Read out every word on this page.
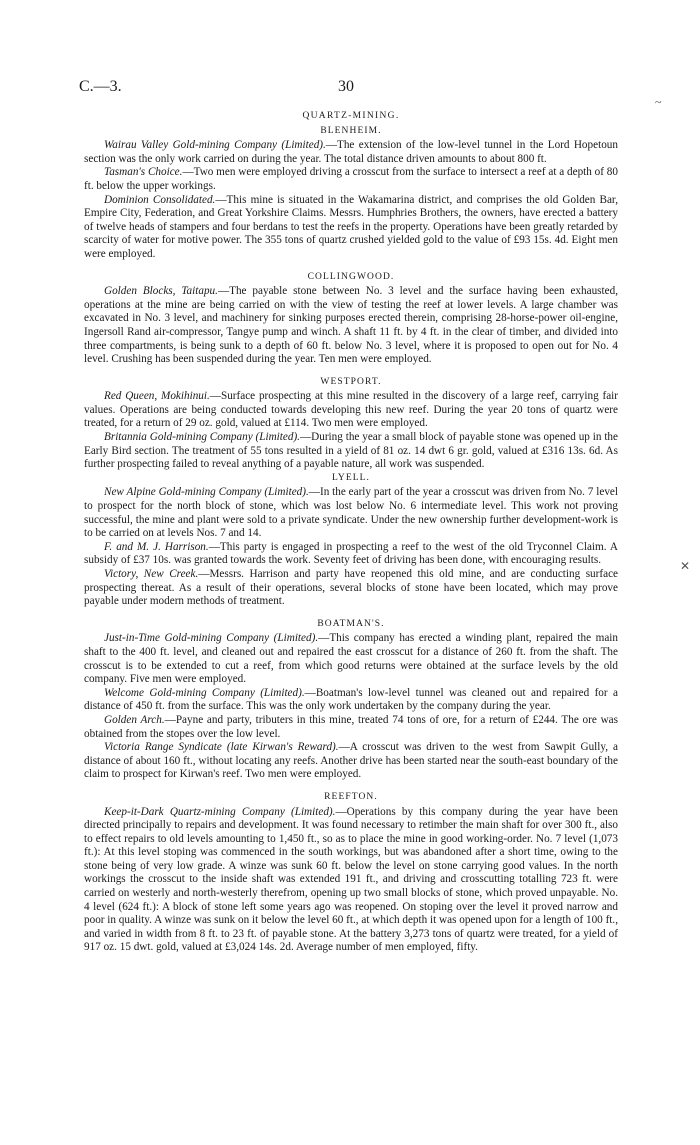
C.—3.	30
~
✕
QUARTZ-MINING.
BLENHEIM.

Wairau Valley Gold-mining Company (Limited).—The extension of the low-level tunnel in the Lord Hopetoun section was the only work carried on during the year. The total distance driven amounts to about 800 ft.

Tasman's Choice.—Two men were employed driving a crosscut from the surface to intersect a reef at a depth of 80 ft. below the upper workings.

Dominion Consolidated.—This mine is situated in the Wakamarina district, and comprises the old Golden Bar, Empire City, Federation, and Great Yorkshire Claims. Messrs. Humphries Brothers, the owners, have erected a battery of twelve heads of stampers and four berdans to test the reefs in the property. Operations have been greatly retarded by scarcity of water for motive power. The 355 tons of quartz crushed yielded gold to the value of £93 15s. 4d. Eight men were employed.

COLLINGWOOD.

Golden Blocks, Taitapu.—The payable stone between No. 3 level and the surface having been exhausted, operations at the mine are being carried on with the view of testing the reef at lower levels. A large chamber was excavated in No. 3 level, and machinery for sinking purposes erected therein, comprising 28-horse-power oil-engine, Ingersoll Rand air-compressor, Tangye pump and winch. A shaft 11 ft. by 4 ft. in the clear of timber, and divided into three compartments, is being sunk to a depth of 60 ft. below No. 3 level, where it is proposed to open out for No. 4 level. Crushing has been suspended during the year. Ten men were employed.

WESTPORT.

Red Queen, Mokihinui.—Surface prospecting at this mine resulted in the discovery of a large reef, carrying fair values. Operations are being conducted towards developing this new reef. During the year 20 tons of quartz were treated, for a return of 29 oz. gold, valued at £114. Two men were employed.

Britannia Gold-mining Company (Limited).—During the year a small block of payable stone was opened up in the Early Bird section. The treatment of 55 tons resulted in a yield of 81 oz. 14 dwt 6 gr. gold, valued at £316 13s. 6d. As further prospecting failed to reveal anything of a payable nature, all work was suspended.

LYELL.

New Alpine Gold-mining Company (Limited).—In the early part of the year a crosscut was driven from No. 7 level to prospect for the north block of stone, which was lost below No. 6 intermediate level. This work not proving successful, the mine and plant were sold to a private syndicate. Under the new ownership further development-work is to be carried on at levels Nos. 7 and 14.

F. and M. J. Harrison.—This party is engaged in prospecting a reef to the west of the old Tryconnel Claim. A subsidy of £37 10s. was granted towards the work. Seventy feet of driving has been done, with encouraging results.

Victory, New Creek.—Messrs. Harrison and party have reopened this old mine, and are conducting surface prospecting thereat. As a result of their operations, several blocks of stone have been located, which may prove payable under modern methods of treatment.

BOATMAN'S.

Just-in-Time Gold-mining Company (Limited).—This company has erected a winding plant, repaired the main shaft to the 400 ft. level, and cleaned out and repaired the east crosscut for a distance of 260 ft. from the shaft. The crosscut is to be extended to cut a reef, from which good returns were obtained at the surface levels by the old company. Five men were employed.

Welcome Gold-mining Company (Limited).—Boatman's low-level tunnel was cleaned out and repaired for a distance of 450 ft. from the surface. This was the only work undertaken by the company during the year.

Golden Arch.—Payne and party, tributers in this mine, treated 74 tons of ore, for a return of £244. The ore was obtained from the stopes over the low level.

Victoria Range Syndicate (late Kirwan's Reward).—A crosscut was driven to the west from Sawpit Gully, a distance of about 160 ft., without locating any reefs. Another drive has been started near the south-east boundary of the claim to prospect for Kirwan's reef. Two men were employed.

REEFTON.

Keep-it-Dark Quartz-mining Company (Limited).—Operations by this company during the year have been directed principally to repairs and development. It was found necessary to retimber the main shaft for over 300 ft., also to effect repairs to old levels amounting to 1,450 ft., so as to place the mine in good working-order. No. 7 level (1,073 ft.): At this level stoping was commenced in the south workings, but was abandoned after a short time, owing to the stone being of very low grade. A winze was sunk 60 ft. below the level on stone carrying good values. In the north workings the crosscut to the inside shaft was extended 191 ft., and driving and crosscutting totalling 723 ft. were carried on westerly and north-westerly therefrom, opening up two small blocks of stone, which proved unpayable. No. 4 level (624 ft.): A block of stone left some years ago was reopened. On stoping over the level it proved narrow and poor in quality. A winze was sunk on it below the level 60 ft., at which depth it was opened upon for a length of 100 ft., and varied in width from 8 ft. to 23 ft. of payable stone. At the battery 3,273 tons of quartz were treated, for a yield of 917 oz. 15 dwt. gold, valued at £3,024 14s. 2d. Average number of men employed, fifty.
